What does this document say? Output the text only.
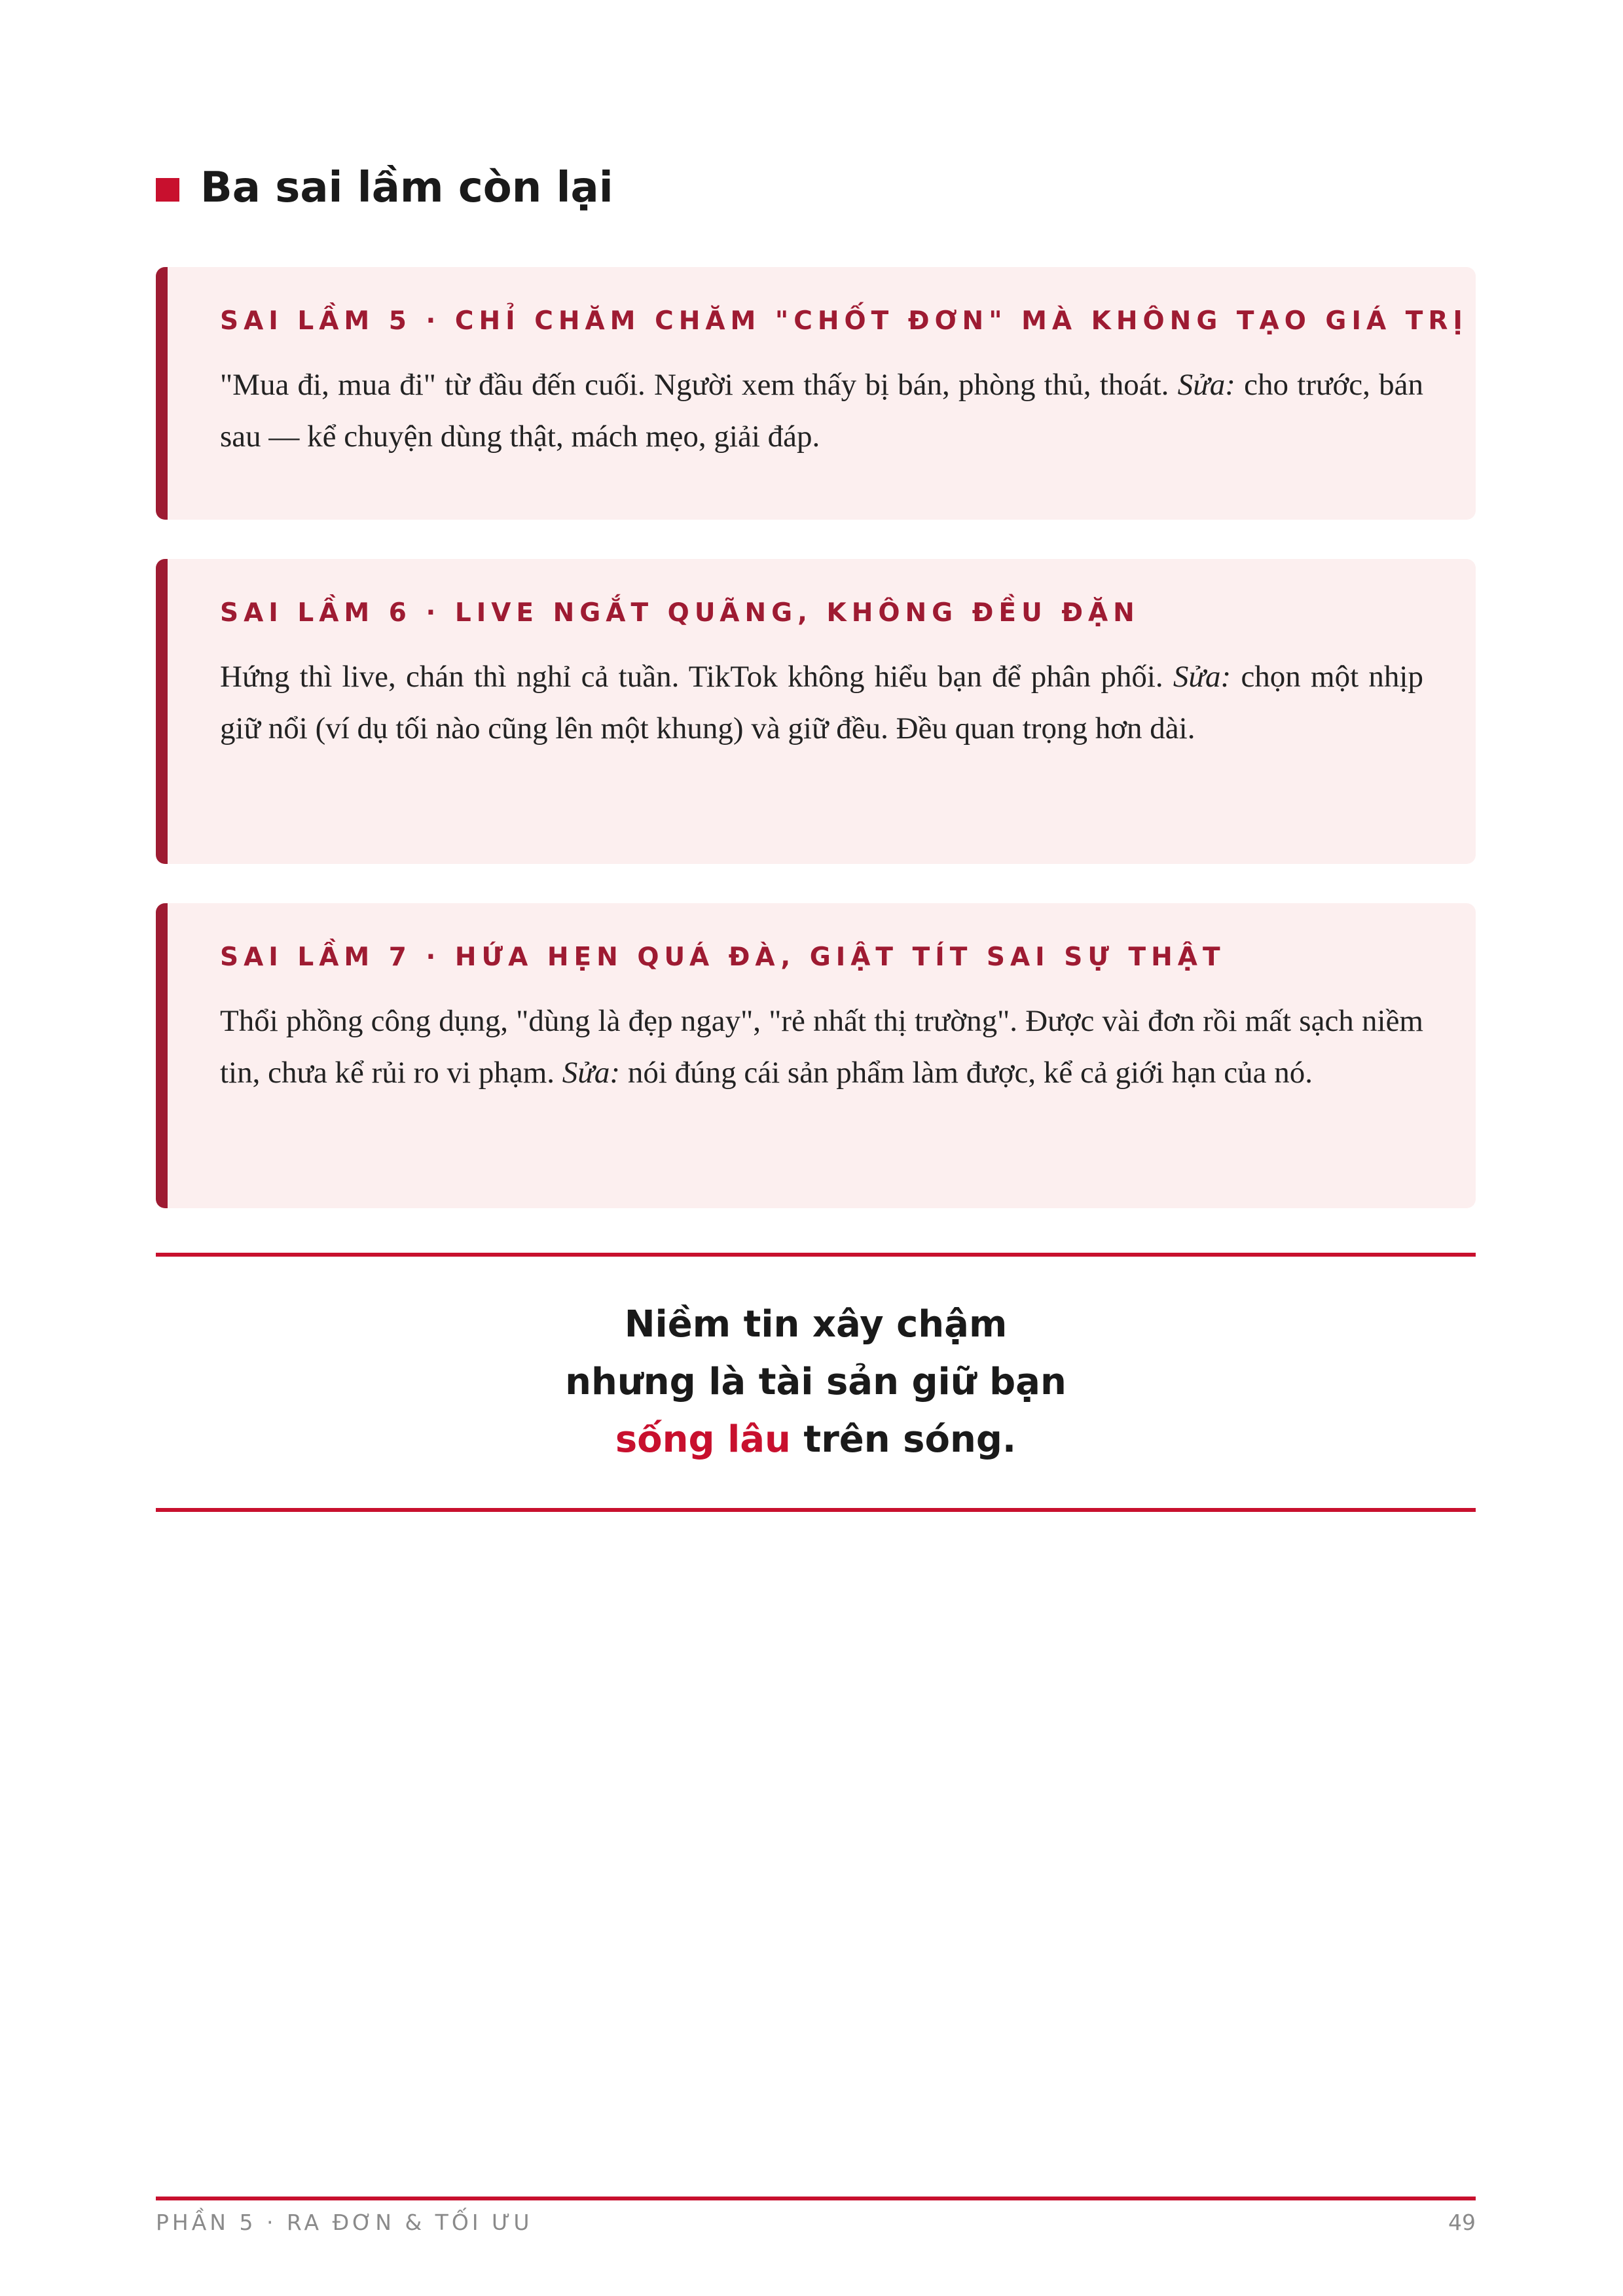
Ba sai lầm còn lại
SAI LẦM 5 · CHỈ CHĂM CHĂM "CHỐT ĐƠN" MÀ KHÔNG TẠO GIÁ TRỊ

"Mua đi, mua đi" từ đầu đến cuối. Người xem thấy bị bán, phòng thủ, thoát. Sửa: cho trước, bán sau — kể chuyện dùng thật, mách mẹo, giải đáp.

SAI LẦM 6 · LIVE NGẮT QUÃNG, KHÔNG ĐỀU ĐẶN

Hứng thì live, chán thì nghỉ cả tuần. TikTok không hiểu bạn để phân phối. Sửa: chọn một nhịp giữ nổi (ví dụ tối nào cũng lên một khung) và giữ đều. Đều quan trọng hơn dài.

SAI LẦM 7 · HỨA HẸN QUÁ ĐÀ, GIẬT TÍT SAI SỰ THẬT

Thổi phồng công dụng, "dùng là đẹp ngay", "rẻ nhất thị trường". Được vài đơn rồi mất sạch niềm tin, chưa kể rủi ro vi phạm. Sửa: nói đúng cái sản phẩm làm được, kể cả giới hạn của nó.

Niềm tin xây chậm
nhưng là tài sản giữ bạn
sống lâu trên sóng.
PHẦN 5 · RA ĐƠN & TỐI ƯU	49
